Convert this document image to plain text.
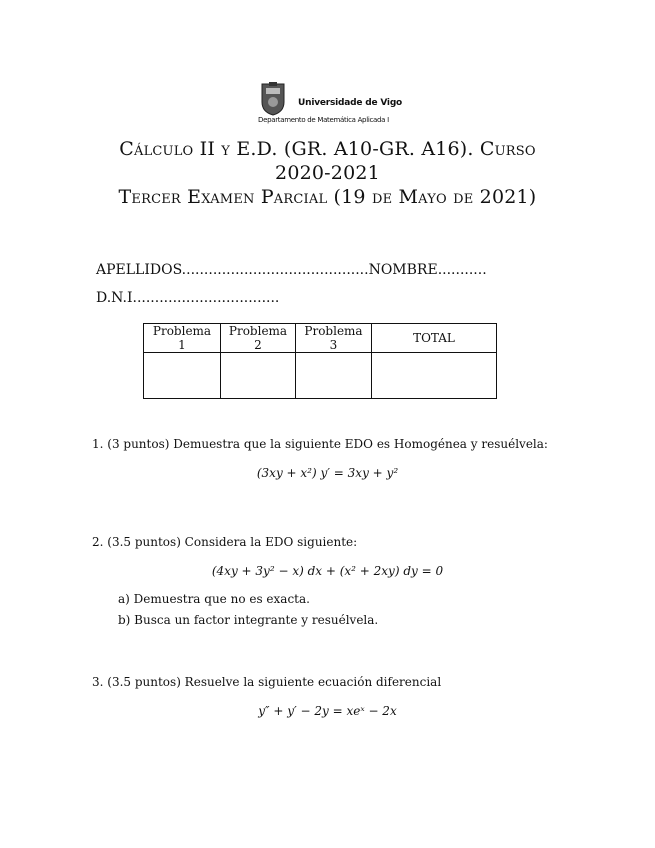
Universidade de Vigo
Departamento de Matemática Aplicada I
Cálculo II y E.D. (GR. A10-GR. A16). Curso
2020-2021
Tercer Examen Parcial (19 de Mayo de 2021)
APELLIDOS..........................................NOMBRE...........
D.N.I.................................
Problema 1	Problema 2	Problema 3	TOTAL

1. (3 puntos) Demuestra que la siguiente EDO es Homogénea y resuélvela:
(3xy + x²) y′ = 3xy + y²
2. (3.5 puntos) Considera la EDO siguiente:
(4xy + 3y² − x) dx + (x² + 2xy) dy = 0
a) Demuestra que no es exacta.
b) Busca un factor integrante y resuélvela.
3. (3.5 puntos) Resuelve la siguiente ecuación diferencial
y″ + y′ − 2y = xeˣ − 2x
